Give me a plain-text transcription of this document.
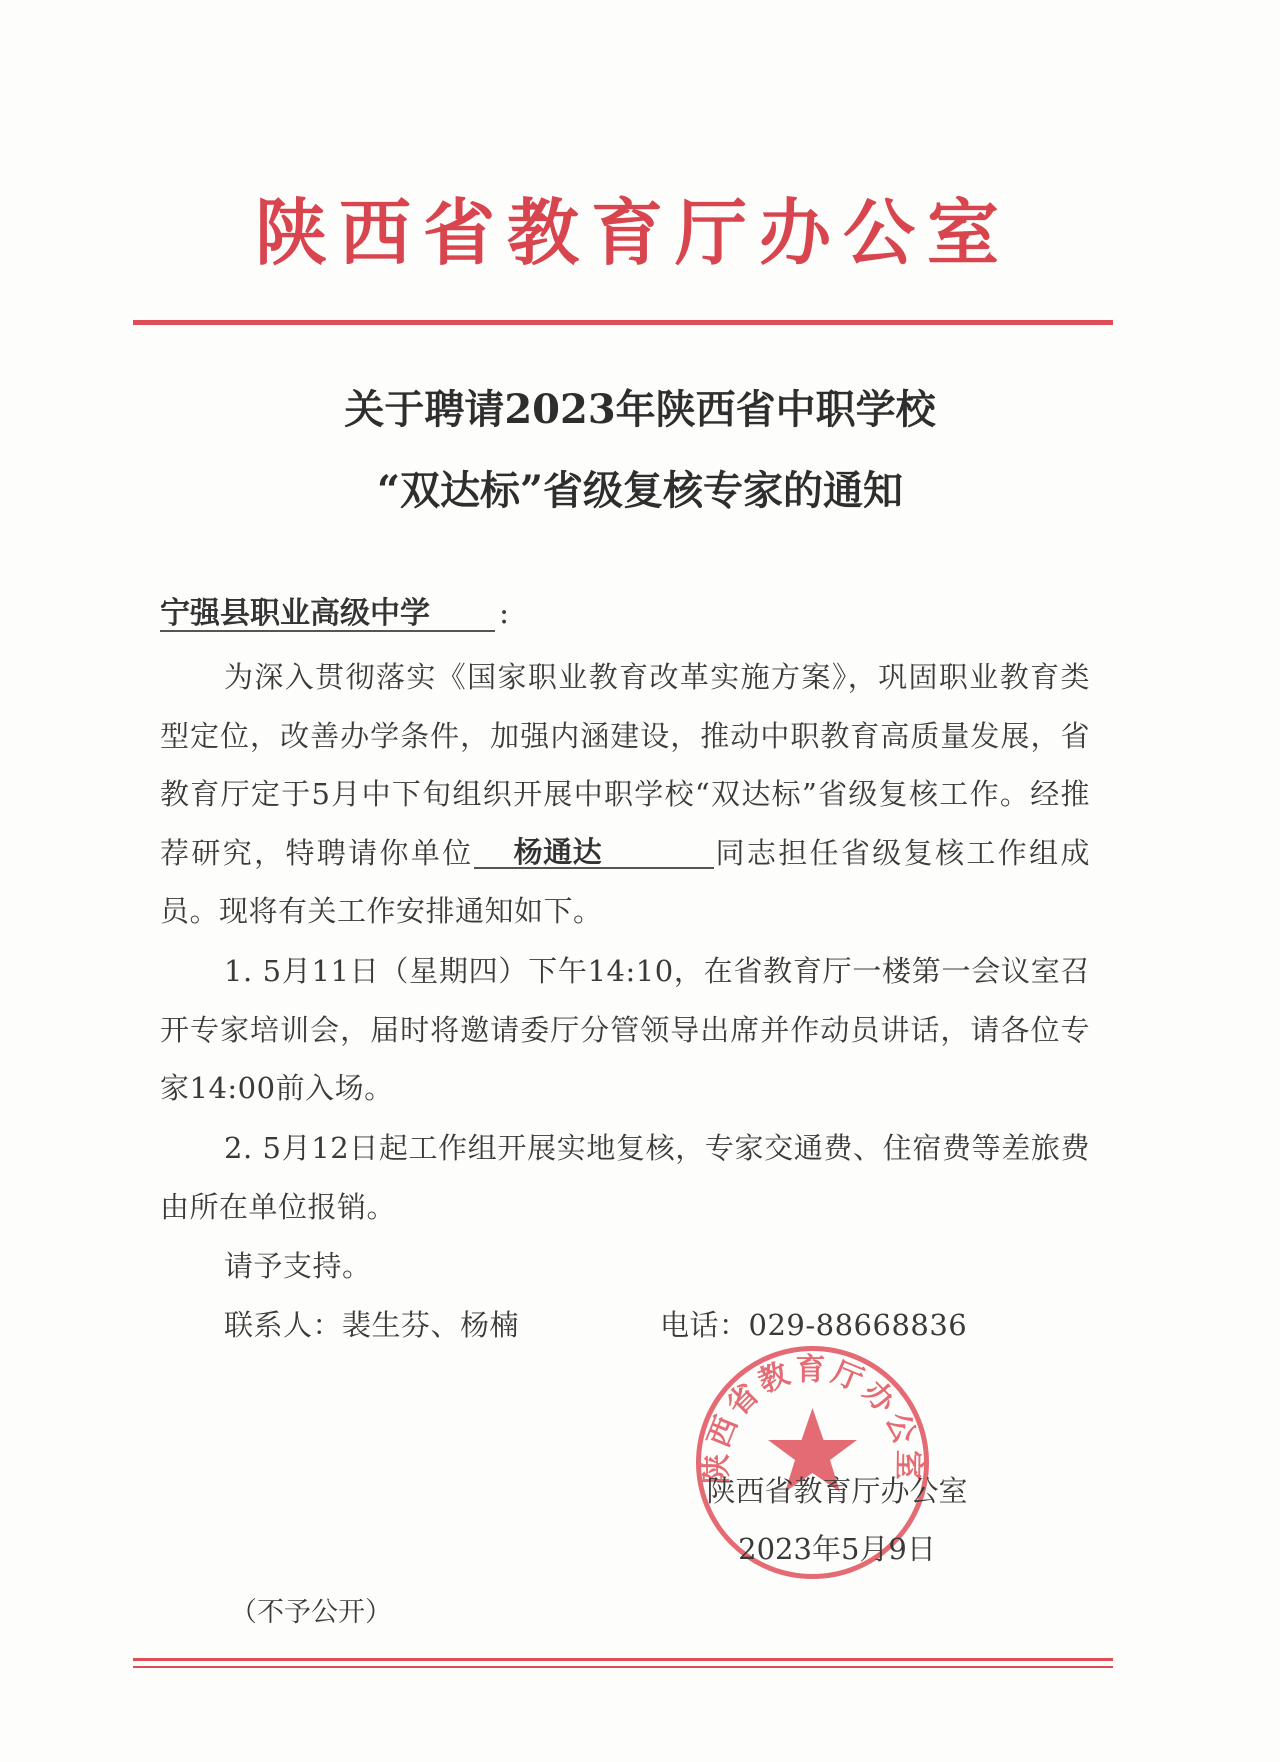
陕西省教育厅办公室
关于聘请2023年陕西省中职学校
“双达标”省级复核专家的通知
宁强县职业高级中学 :

为深入贯彻落实《国家职业教育改革实施方案》，巩固职业教育类型定位，改善办学条件，加强内涵建设，推动中职教育高质量发展，省教育厅定于5月中下旬组织开展中职学校“双达标”省级复核工作。经推荐研究，特聘请你单位 杨通达	同志担任省级复核工作组成员。现将有关工作安排通知如下。

1. 5月11日（星期四）下午14:10，在省教育厅一楼第一会议室召开专家培训会，届时将邀请委厅分管领导出席并作动员讲话，请各位专家14:00前入场。

2. 5月12日起工作组开展实地复核，专家交通费、住宿费等差旅费由所在单位报销。

请予支持。

联系人：裴生芬、杨楠	电话：029-88668836
陕西省教育厅办公室
陕西省教育厅办公室
2023年5月9日
（不予公开）
